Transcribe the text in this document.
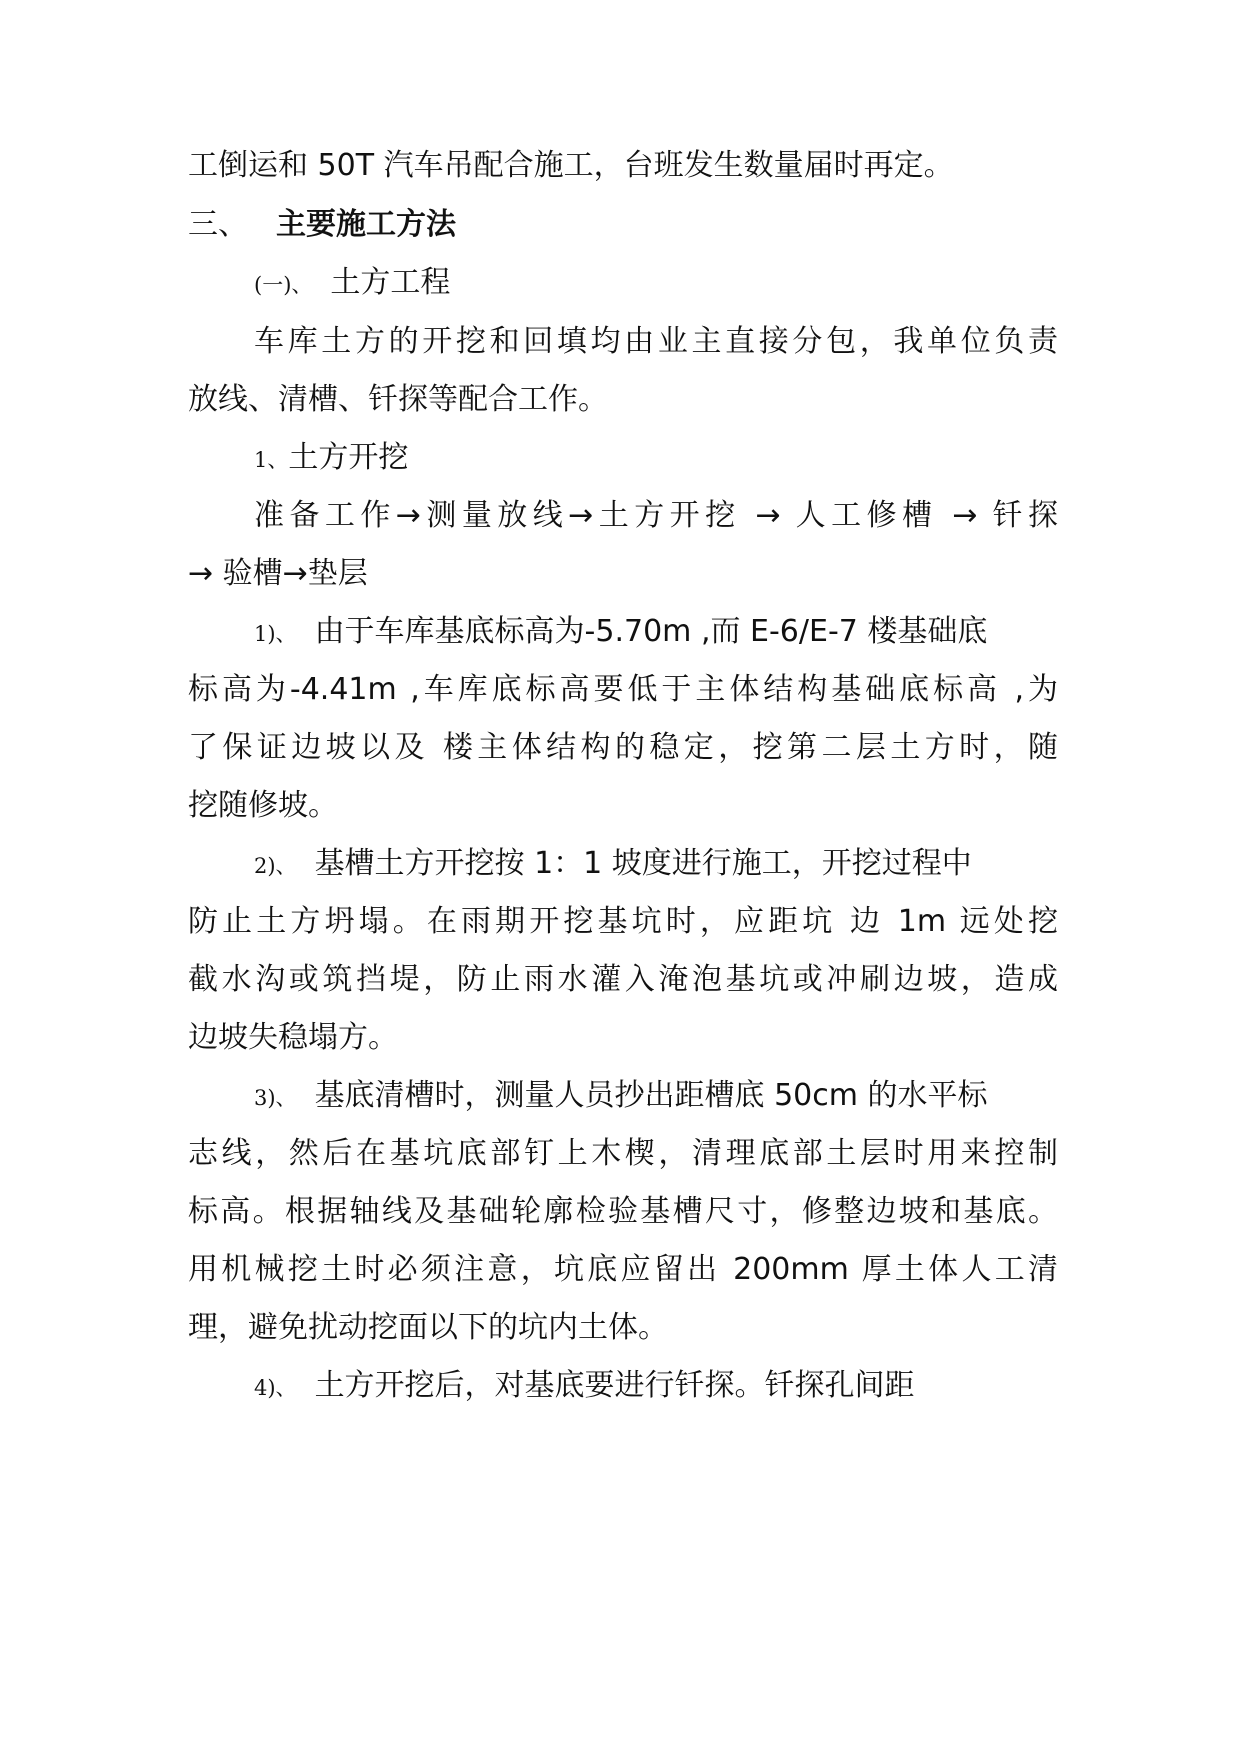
工倒运和 50T 汽车吊配合施工，台班发生数量届时再定。
三、 主要施工方法
(一)、 土方工程
车库土方的开挖和回填均由业主直接分包，我单位负责
放线、清槽、钎探等配合工作。
1、土方开挖
准备工作→测量放线→土方开挖 → 人工修槽 → 钎探
→ 验槽→垫层
1)、 由于车库基底标高为-5.70m ,而 E-6/E-7 楼基础底
标高为-4.41m ,车库底标高要低于主体结构基础底标高 ,为
了保证边坡以及 楼主体结构的稳定，挖第二层土方时，随
挖随修坡。
2)、 基槽土方开挖按 1：1 坡度进行施工，开挖过程中
防止土方坍塌。在雨期开挖基坑时，应距坑 边 1m 远处挖
截水沟或筑挡堤，防止雨水灌入淹泡基坑或冲刷边坡，造成
边坡失稳塌方。
3)、 基底清槽时，测量人员抄出距槽底 50cm 的水平标
志线，然后在基坑底部钉上木楔，清理底部土层时用来控制
标高。根据轴线及基础轮廓检验基槽尺寸，修整边坡和基底。
用机械挖土时必须注意，坑底应留出 200mm 厚土体人工清
理，避免扰动挖面以下的坑内土体。
4)、 土方开挖后，对基底要进行钎探。钎探孔间距
